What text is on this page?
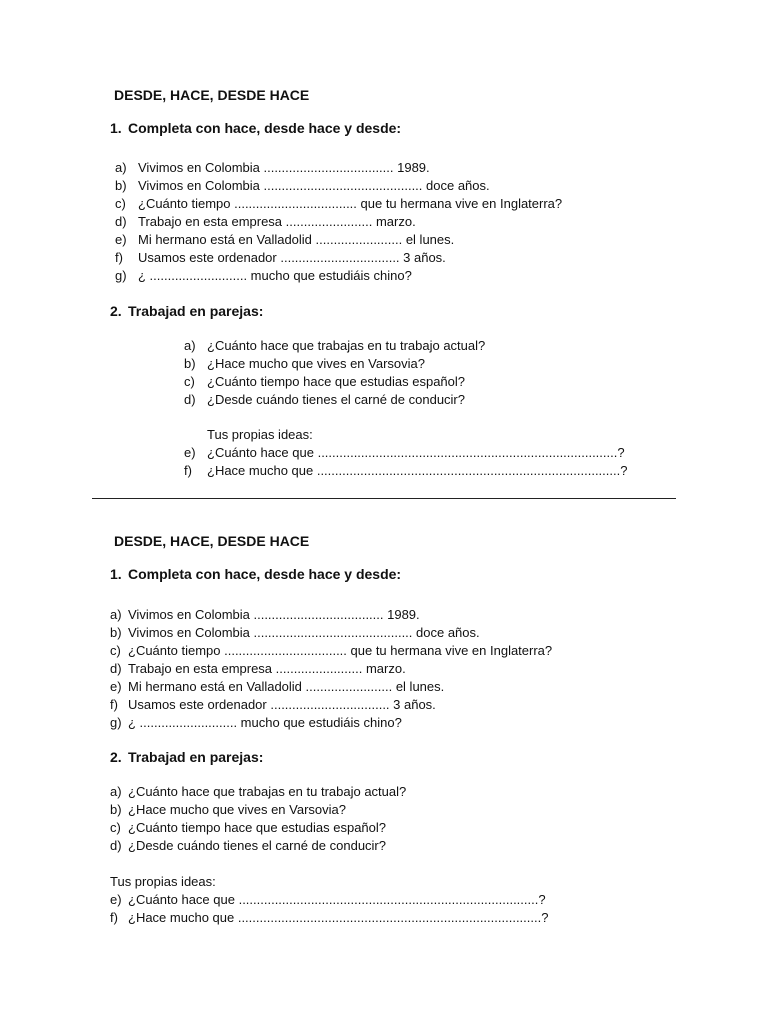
DESDE, HACE, DESDE HACE
1. Completa con hace, desde hace y desde:
a) Vivimos en Colombia .................................... 1989.
b) Vivimos en Colombia ............................................ doce años.
c) ¿Cuánto tiempo .................................. que tu hermana vive en Inglaterra?
d) Trabajo en esta empresa ........................ marzo.
e) Mi hermano está en Valladolid ........................ el lunes.
f)	Usamos este ordenador ................................. 3 años.
g) ¿ ........................... mucho que estudiáis chino?
2. Trabajad en parejas:
a) ¿Cuánto hace que trabajas en tu trabajo actual?
b) ¿Hace mucho que vives en Varsovia?
c) ¿Cuánto tiempo hace que estudias español?
d) ¿Desde cuándo tienes el carné de conducir?
Tus propias ideas:
e) ¿Cuánto hace que ...................................................................................?
f)	¿Hace mucho que ....................................................................................?
DESDE, HACE, DESDE HACE
1. Completa con hace, desde hace y desde:
a) Vivimos en Colombia .................................... 1989.
b) Vivimos en Colombia ............................................ doce años.
c) ¿Cuánto tiempo .................................. que tu hermana vive en Inglaterra?
d) Trabajo en esta empresa ........................ marzo.
e) Mi hermano está en Valladolid ........................ el lunes.
f) Usamos este ordenador ................................. 3 años.
g) ¿ ........................... mucho que estudiáis chino?
2. Trabajad en parejas:
a) ¿Cuánto hace que trabajas en tu trabajo actual?
b) ¿Hace mucho que vives en Varsovia?
c) ¿Cuánto tiempo hace que estudias español?
d) ¿Desde cuándo tienes el carné de conducir?
Tus propias ideas:
e) ¿Cuánto hace que ...................................................................................?
f) ¿Hace mucho que ....................................................................................?
